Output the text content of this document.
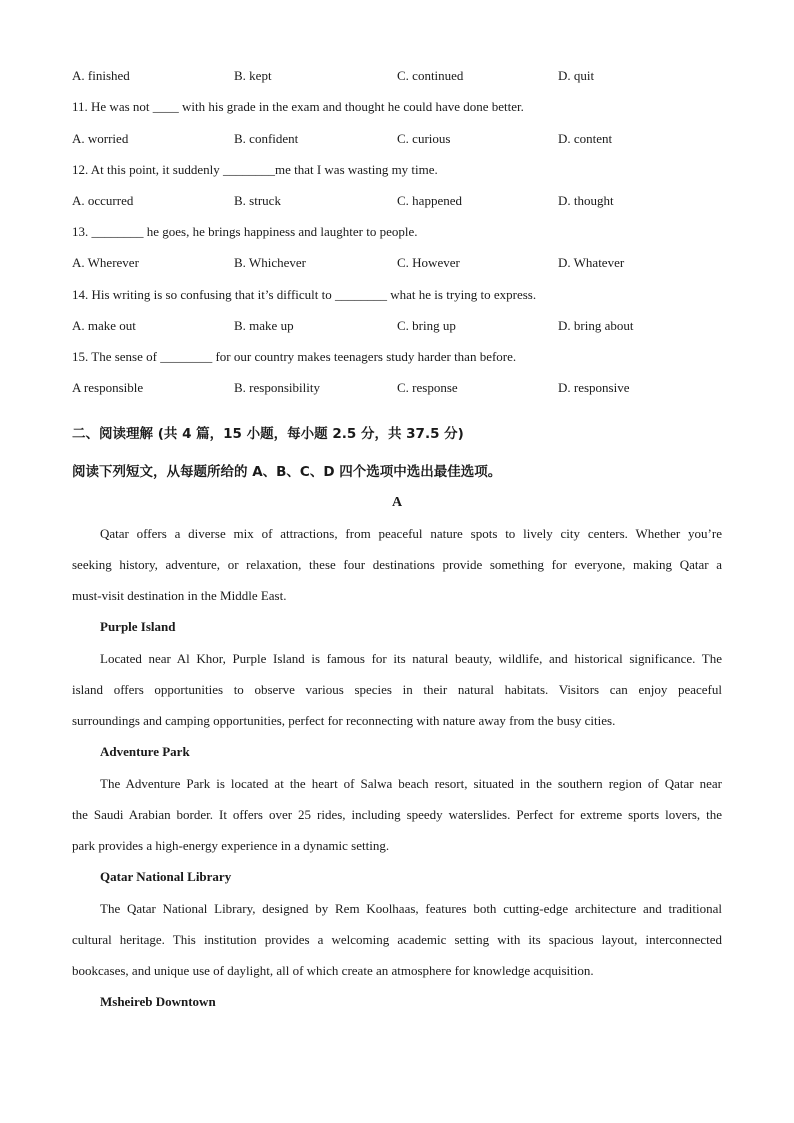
A. finished	B. kept	C. continued	D. quit
11. He was not ____ with his grade in the exam and thought he could have done better.
A. worried	B. confident	C. curious	D. content
12. At this point, it suddenly ________me that I was wasting my time.
A. occurred	B. struck	C. happened	D. thought
13. ________ he goes, he brings happiness and laughter to people.
A. Wherever	B. Whichever	C. However	D. Whatever
14. His writing is so confusing that it’s difficult to ________ what he is trying to express.
A. make out	B. make up	C. bring up	D. bring about
15. The sense of ________ for our country makes teenagers study harder than before.
A responsible	B. responsibility	C. response	D. responsive
二、阅读理解 (共 4 篇，15 小题，每小题 2.5 分，共 37.5 分)
阅读下列短文，从每题所给的 A、B、C、D 四个选项中选出最佳选项。
A
Qatar offers a diverse mix of attractions, from peaceful nature spots to lively city centers. Whether you’re
seeking history, adventure, or relaxation, these four destinations provide something for everyone, making Qatar a
must-visit destination in the Middle East.
Purple Island
Located near Al Khor, Purple Island is famous for its natural beauty, wildlife, and historical significance. The
island offers opportunities to observe various species in their natural habitats. Visitors can enjoy peaceful
surroundings and camping opportunities, perfect for reconnecting with nature away from the busy cities.
Adventure Park
The Adventure Park is located at the heart of Salwa beach resort, situated in the southern region of Qatar near
the Saudi Arabian border. It offers over 25 rides, including speedy waterslides. Perfect for extreme sports lovers, the
park provides a high-energy experience in a dynamic setting.
Qatar National Library
The Qatar National Library, designed by Rem Koolhaas, features both cutting-edge architecture and traditional
cultural heritage. This institution provides a welcoming academic setting with its spacious layout, interconnected
bookcases, and unique use of daylight, all of which create an atmosphere for knowledge acquisition.
Msheireb Downtown
